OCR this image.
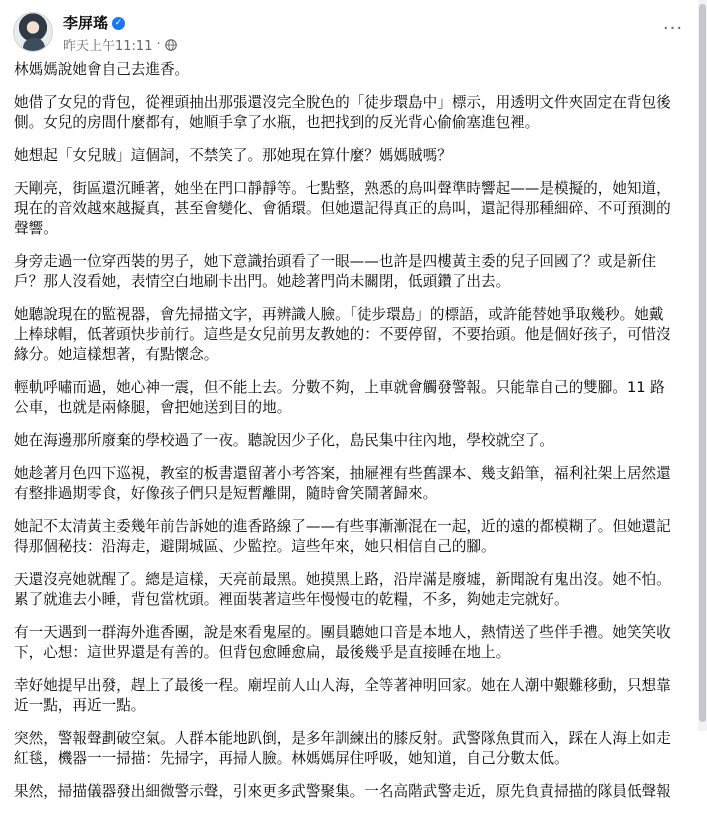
李屏瑤 ✓
昨天上午11:11 ·
···

林媽媽說她會自己去進香。

她借了女兒的背包，從裡頭抽出那張還沒完全脫色的「徒步環島中」標示，用透明文件夾固定在背包後
側。女兒的房間什麼都有，她順手拿了水瓶，也把找到的反光背心偷偷塞進包裡。

她想起「女兒賊」這個詞，不禁笑了。那她現在算什麼？媽媽賊嗎？

天剛亮，街區還沉睡著，她坐在門口靜靜等。七點整，熟悉的鳥叫聲準時響起——是模擬的，她知道，
現在的音效越來越擬真，甚至會變化、會循環。但她還記得真正的鳥叫，還記得那種細碎、不可預測的
聲響。

身旁走過一位穿西裝的男子，她下意識抬頭看了一眼——也許是四樓黃主委的兒子回國了？或是新住
戶？那人沒看她，表情空白地刷卡出門。她趁著門尚未關閉，低頭鑽了出去。

她聽說現在的監視器，會先掃描文字，再辨識人臉。「徒步環島」的標語，或許能替她爭取幾秒。她戴
上棒球帽，低著頭快步前行。這些是女兒前男友教她的：不要停留，不要抬頭。他是個好孩子，可惜沒
緣分。她這樣想著，有點懷念。

輕軌呼嘯而過，她心神一震，但不能上去。分數不夠，上車就會觸發警報。只能靠自己的雙腳。11 路
公車，也就是兩條腿，會把她送到目的地。

她在海邊那所廢棄的學校過了一夜。聽說因少子化，島民集中往內地，學校就空了。

她趁著月色四下巡視，教室的板書還留著小考答案，抽屜裡有些舊課本、幾支鉛筆，福利社架上居然還
有整排過期零食，好像孩子們只是短暫離開，隨時會笑鬧著歸來。

她記不太清黃主委幾年前告訴她的進香路線了——有些事漸漸混在一起，近的遠的都模糊了。但她還記
得那個秘技：沿海走，避開城區、少監控。這些年來，她只相信自己的腳。

天還沒亮她就醒了。總是這樣，天亮前最黑。她摸黑上路，沿岸滿是廢墟，新聞說有鬼出沒。她不怕。
累了就進去小睡，背包當枕頭。裡面裝著這些年慢慢屯的乾糧，不多，夠她走完就好。

有一天遇到一群海外進香團，說是來看鬼屋的。團員聽她口音是本地人，熱情送了些伴手禮。她笑笑收
下，心想：這世界還是有善的。但背包愈睡愈扁，最後幾乎是直接睡在地上。

幸好她提早出發，趕上了最後一程。廟埕前人山人海，全等著神明回家。她在人潮中艱難移動，只想靠
近一點，再近一點。

突然，警報聲劃破空氣。人群本能地趴倒，是多年訓練出的膝反射。武警隊魚貫而入，踩在人海上如走
紅毯，機器一一掃描：先掃字，再掃人臉。林媽媽屏住呼吸，她知道，自己分數太低。

果然，掃描儀器發出細微警示聲，引來更多武警聚集。一名高階武警走近，原先負責掃描的隊員低聲報
